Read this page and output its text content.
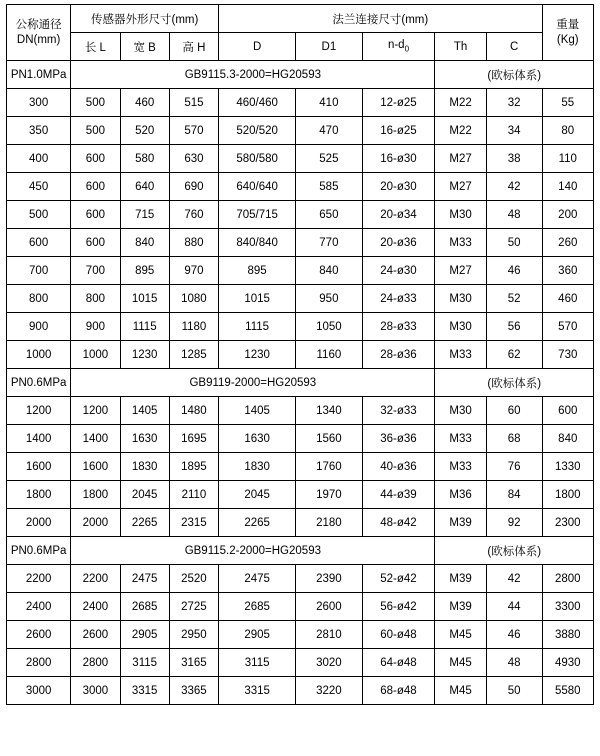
公称通径
DN(mm)	传感器外形尺寸(mm)			法兰连接尺寸(mm)					重量
(Kg)

	长 L	宽 B	高 H	D	D1	$n-d_0$	Th	C	
PN1.0MPa	GB9115.3-2000=HG20593						(欧标体系)		
300	500	460	515	460/460	410	12-ø25	M22	32	55
350	500	520	570	520/520	470	16-ø25	M22	34	80
400	600	580	630	580/580	525	16-ø30	M27	38	110
450	600	640	690	640/640	585	20-ø30	M27	42	140
500	600	715	760	705/715	650	20-ø34	M30	48	200
600	600	840	880	840/840	770	20-ø36	M33	50	260
700	700	895	970	895	840	24-ø30	M27	46	360
800	800	1015	1080	1015	950	24-ø33	M30	52	460
900	900	1115	1180	1115	1050	28-ø33	M30	56	570
1000	1000	1230	1285	1230	1160	28-ø36	M33	62	730
PN0.6MPa	GB9119-2000=HG20593						(欧标体系)		
1200	1200	1405	1480	1405	1340	32-ø33	M30	60	600
1400	1400	1630	1695	1630	1560	36-ø36	M33	68	840
1600	1600	1830	1895	1830	1760	40-ø36	M33	76	1330
1800	1800	2045	2110	2045	1970	44-ø39	M36	84	1800
2000	2000	2265	2315	2265	2180	48-ø42	M39	92	2300
PN0.6MPa	GB9115.2-2000=HG20593						(欧标体系)		
2200	2200	2475	2520	2475	2390	52-ø42	M39	42	2800
2400	2400	2685	2725	2685	2600	56-ø42	M39	44	3300
2600	2600	2905	2950	2905	2810	60-ø48	M45	46	3880
2800	2800	3115	3165	3115	3020	64-ø48	M45	48	4930
3000	3000	3315	3365	3315	3220	68-ø48	M45	50	5580
